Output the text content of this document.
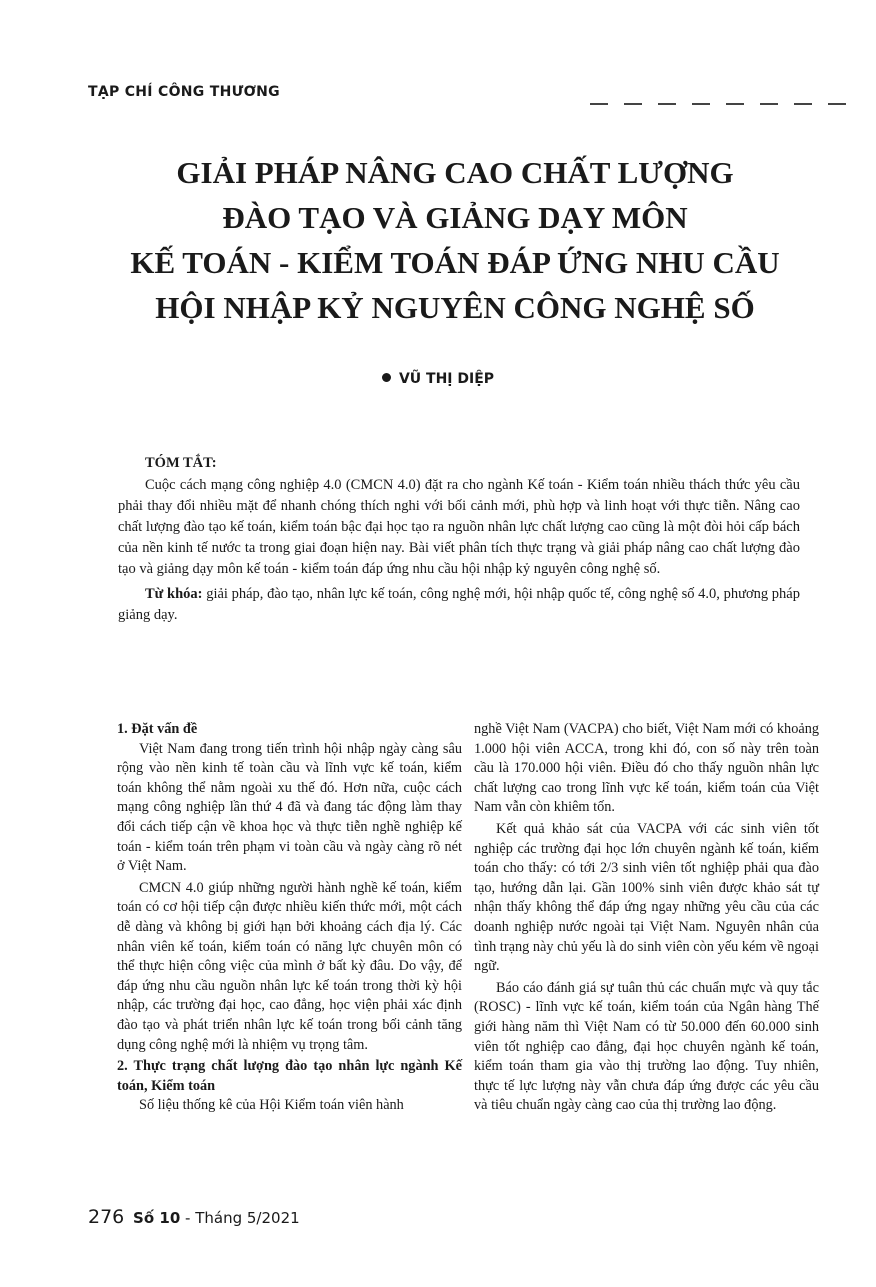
TẠP CHÍ CÔNG THƯƠNG
GIẢI PHÁP NÂNG CAO CHẤT LƯỢNG
ĐÀO TẠO VÀ GIẢNG DẠY MÔN
KẾ TOÁN - KIỂM TOÁN ĐÁP ỨNG NHU CẦU
HỘI NHẬP KỶ NGUYÊN CÔNG NGHỆ SỐ
VŨ THỊ DIỆP
TÓM TẮT:

Cuộc cách mạng công nghiệp 4.0 (CMCN 4.0) đặt ra cho ngành Kế toán - Kiểm toán nhiều thách thức yêu cầu phải thay đổi nhiều mặt để nhanh chóng thích nghi với bối cảnh mới, phù hợp và linh hoạt với thực tiễn. Nâng cao chất lượng đào tạo kế toán, kiểm toán bậc đại học tạo ra nguồn nhân lực chất lượng cao cũng là một đòi hỏi cấp bách của nền kinh tế nước ta trong giai đoạn hiện nay. Bài viết phân tích thực trạng và giải pháp nâng cao chất lượng đào tạo và giảng dạy môn kế toán - kiểm toán đáp ứng nhu cầu hội nhập kỷ nguyên công nghệ số.

Từ khóa: giải pháp, đào tạo, nhân lực kế toán, công nghệ mới, hội nhập quốc tế, công nghệ số 4.0, phương pháp giảng dạy.

1. Đặt vấn đề

Việt Nam đang trong tiến trình hội nhập ngày càng sâu rộng vào nền kinh tế toàn cầu và lĩnh vực kế toán, kiểm toán không thể nằm ngoài xu thế đó. Hơn nữa, cuộc cách mạng công nghiệp lần thứ 4 đã và đang tác động làm thay đổi cách tiếp cận về khoa học và thực tiễn nghề nghiệp kế toán - kiểm toán trên phạm vi toàn cầu và ngày càng rõ nét ở Việt Nam.

CMCN 4.0 giúp những người hành nghề kế toán, kiểm toán có cơ hội tiếp cận được nhiều kiến thức mới, một cách dễ dàng và không bị giới hạn bởi khoảng cách địa lý. Các nhân viên kế toán, kiểm toán có năng lực chuyên môn có thể thực hiện công việc của mình ở bất kỳ đâu. Do vậy, để đáp ứng nhu cầu nguồn nhân lực kế toán trong thời kỳ hội nhập, các trường đại học, cao đẳng, học viện phải xác định đào tạo và phát triển nhân lực kế toán trong bối cảnh tăng dụng công nghệ mới là nhiệm vụ trọng tâm.

2. Thực trạng chất lượng đào tạo nhân lực ngành Kế toán, Kiểm toán

Số liệu thống kê của Hội Kiểm toán viên hành

nghề Việt Nam (VACPA) cho biết, Việt Nam mới có khoảng 1.000 hội viên ACCA, trong khi đó, con số này trên toàn cầu là 170.000 hội viên. Điều đó cho thấy nguồn nhân lực chất lượng cao trong lĩnh vực kế toán, kiểm toán của Việt Nam vẫn còn khiêm tốn.

Kết quả khảo sát của VACPA với các sinh viên tốt nghiệp các trường đại học lớn chuyên ngành kế toán, kiểm toán cho thấy: có tới 2/3 sinh viên tốt nghiệp phải qua đào tạo, hướng dẫn lại. Gần 100% sinh viên được khảo sát tự nhận thấy không thể đáp ứng ngay những yêu cầu của các doanh nghiệp nước ngoài tại Việt Nam. Nguyên nhân của tình trạng này chủ yếu là do sinh viên còn yếu kém về ngoại ngữ.

Báo cáo đánh giá sự tuân thủ các chuẩn mực và quy tắc (ROSC) - lĩnh vực kế toán, kiểm toán của Ngân hàng Thế giới hàng năm thì Việt Nam có từ 50.000 đến 60.000 sinh viên tốt nghiệp cao đẳng, đại học chuyên ngành kế toán, kiểm toán tham gia vào thị trường lao động. Tuy nhiên, thực tế lực lượng này vẫn chưa đáp ứng được các yêu cầu và tiêu chuẩn ngày càng cao của thị trường lao động.

276 Số 10 - Tháng 5/2021
